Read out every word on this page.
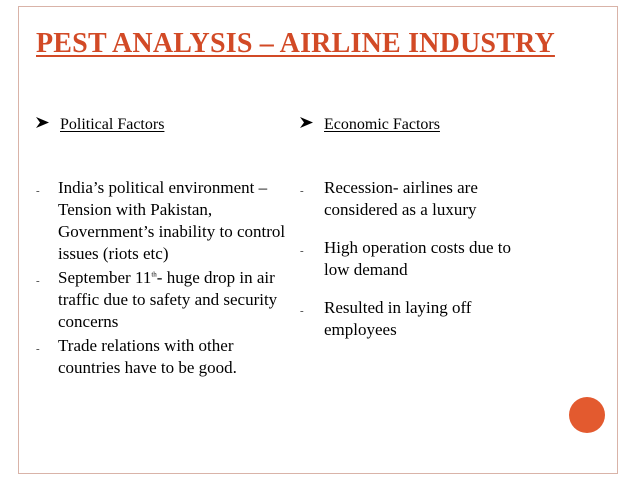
PEST ANALYSIS – AIRLINE INDUSTRY
Political Factors
-	India’s political environment – Tension with Pakistan, Government’s inability to control issues (riots etc)
-	September 11th- huge drop in air traffic due to safety and security concerns
-	Trade relations with other countries have to be good.
Economic Factors
-	Recession- airlines are considered as a luxury
-	High operation costs due to low demand
-	Resulted in laying off employees
